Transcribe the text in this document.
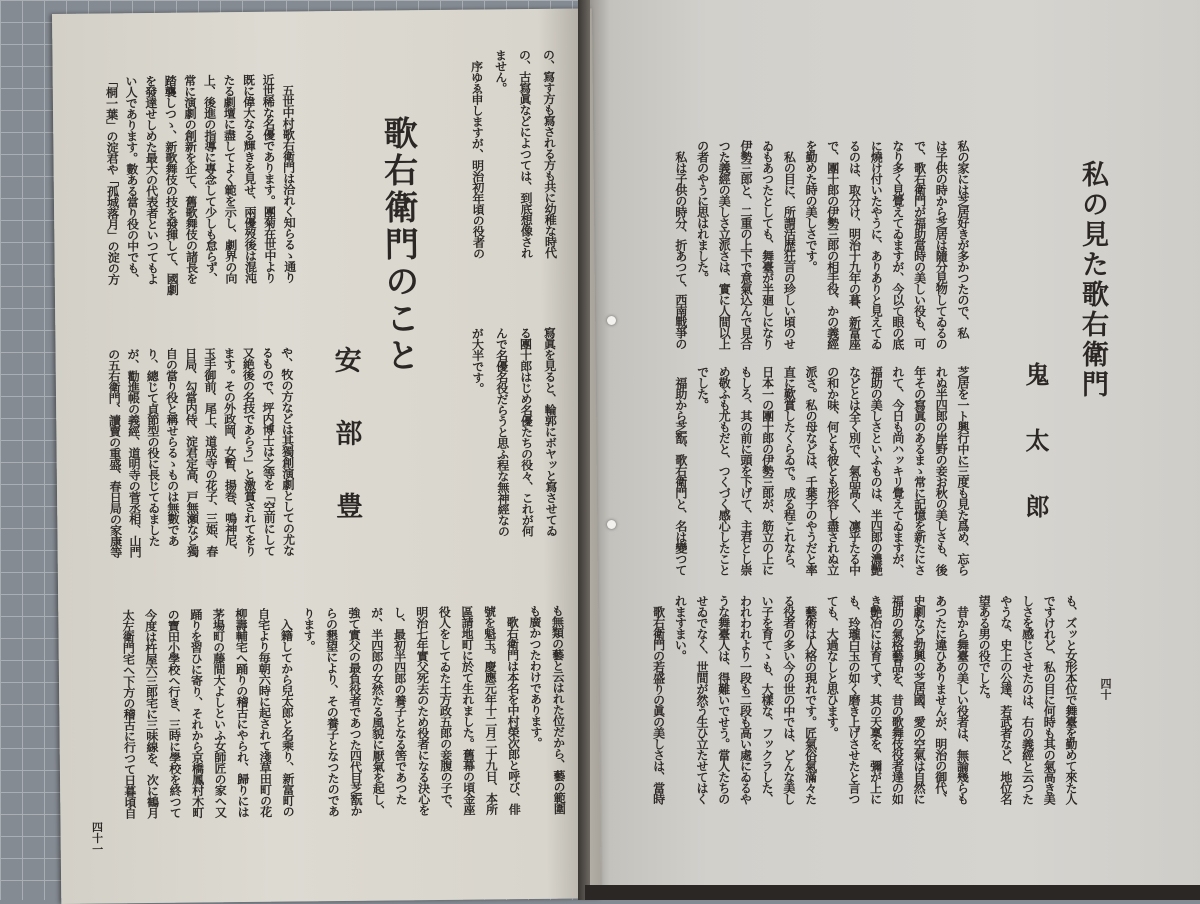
私の見た歌右衛門
鬼太郎
私の家には芝居好きが多かつたので、私
は子供の時から芝居は隨分見物してゐるの
で、歌右衛門が福助當時の美しい役も、可
なり多く見覺えてゐますが、今以て眼の底
に燒け付いたやうに、ありありと見えてゐ
るのは、取分け、明治十九年の暮、新富座
で、團十郎の伊勢三郎の相手役、かの義經
を勤めた時の美しさです。
　私の目に、所謂活歴狂言の珍しい頃のせ
ゐもあつたとしても、舞臺が半廻しになり
伊勢三郎と、二重の上下で意氣込んで見合
つた義經の美しさ立派さは、實に人間以上
の者のやうに思はれました。
　私は子供の時分、折あつて、西南戰爭の
芝居を一ト興行中に三度も見た爲め、忘ら
れぬ半四郎の岸野の妾お秋の美しさも、後
年その寫眞のあるまゝ常に記憶を新たにさ
れて、今日も尚ハッキリ覺えてゐますが、
福助の美しさといふものは、半四郎の濃艶
などとは全く別で、氣品高く、凛乎たる中
の和か味、何とも彼とも形容し盡されぬ立
派さ。私の母などは、千葉子のやうだと率
直に歎賞したくらゐで。成る程これなら、
日本一の團十郎の伊勢三郎が、筋立の上に
もしろ、其の前に頭を下げて、主君とし崇
め敬ふも尤もだと、つくづく感心したこと
でした。
　福助から芝翫、歌右衛門と、名は變つて
も、ズッと女形本位で舞臺を勤めて來た人
ですけれど、私の目に何時も其の氣高き美
しさを感じさせたのは、右の義經と云つた
やうな、史上の公達、若武者など、地位名
望ある男の役でした。
　昔から舞臺の美しい役者は、無論幾らも
あつたに違ひありませんが、明治の御代、
史劇など勃興の芝居國、愛の空氣は自然に
福助の氣格藝品を、昔の歌舞伎役者達の如
き艶冶には育てず、其の天稟を、彌が上に
も、玲瓏白玉の如く磨き上げさせたと言つ
ても、大過なしと思ひます。
　藝術は人格の現れです。匠氣俗氣滿々た
る役者の多い今の世の中では、どんな美し
い子を育てゝも、大樣な、フックラした、
われわれより一段も二段も高い處にゐるや
うな舞臺人は、得難いでせう。當人たちの
せゐでなく、世間が然う生ひ立たせてはく
れますまい。
　歌右衛門の若盛りの眞の美しさは、當時	四十
の、寫す方も寫される方も共に幼稚な時代
の、古寫眞などによつては、到底想像され
ません。
　序ゆゑ申しますが、明治初年頃の役者の
歌右衛門のこと
安部豊
　五世中村歌右衛門は洽れく知らるゝ通り
近世稀な名優であります。團菊在世中より
既に偉大なる輝きを見せ、兩優歿後は混沌
たる劇壇に盡してよく範を示し、劇界の向
上、後進の指導に專念して少しも怠らず、
常に演劇の創新を企て、舊歌舞伎の諸長を
踏襲しつゝ、新歌舞伎の技を發揮して、國劇
を發達せしめた最大の代表者といつてもよ
い人であります。數ある當り役の中でも、
「桐一葉」の淀君や「孤城落月」の淀の方
寫眞を見ると、輪郭にボヤッと寫させてゐ
る團十郎はじめ名優たちの役々、これが何
んで名優名役だらうと思ふ程な無神經なの
が大半です。
や、牧の方などは其獨創演劇としての尤な
るもので、坪内博士は之等を「空前にして
又絶後の名技であらう」と激賞されてをり
ます。その外政岡、女暫、揚巻、鳴神尼、
玉手御前、尾上、道成寺の花子、三姫、春
日局、勾當内侍、淀君定高、戸無瀬など獨
自の當り役と稱せらるゝものは無數であ
り、總じて貞節型の役に長じてゐました
が、勸進帳の義經、道明寺の菅丞相、山門
の五右衛門、讀賣の重盛、春日局の家康等
も無類の藝と云はれた位だから、藝の範圍
も廣かつたわけであります。
　歌右衛門は本名を中村榮次郎と呼び、俳
號を魁玉。慶應元年十二月二十九日、本所
區請地町に於て生れました。舊幕の頃金座
役人をしてゐた土方政五郎の妾腹の子で、
明治七年實父死去のため役者になる決心を
し、最初半四郎の養子となる筈であつた
が、半四郎の女然たる風貌に厭氣を起し、
強て實父の最負役者であつた四代目芝翫か
らの懇望により、その養子となつたのであ
ります。
　入籍してから兒太郎と名乘り、新富町の
自宅より毎朝六時に起されて淺草田町の花
柳壽輔宅へ踊りの稽古にやられ、歸りには
茅場町の藤間大よしといふ女師匠の家へ又
踊りを習ひに寄り、それから京橋鳳村木町
の寶田小學校へ行き、三時に學校を終つて
今度は杵屋六三郎宅に三味線を、次に鶴月
太左衛門宅へ下方の稽古に行つて日暮頃自
四十一
